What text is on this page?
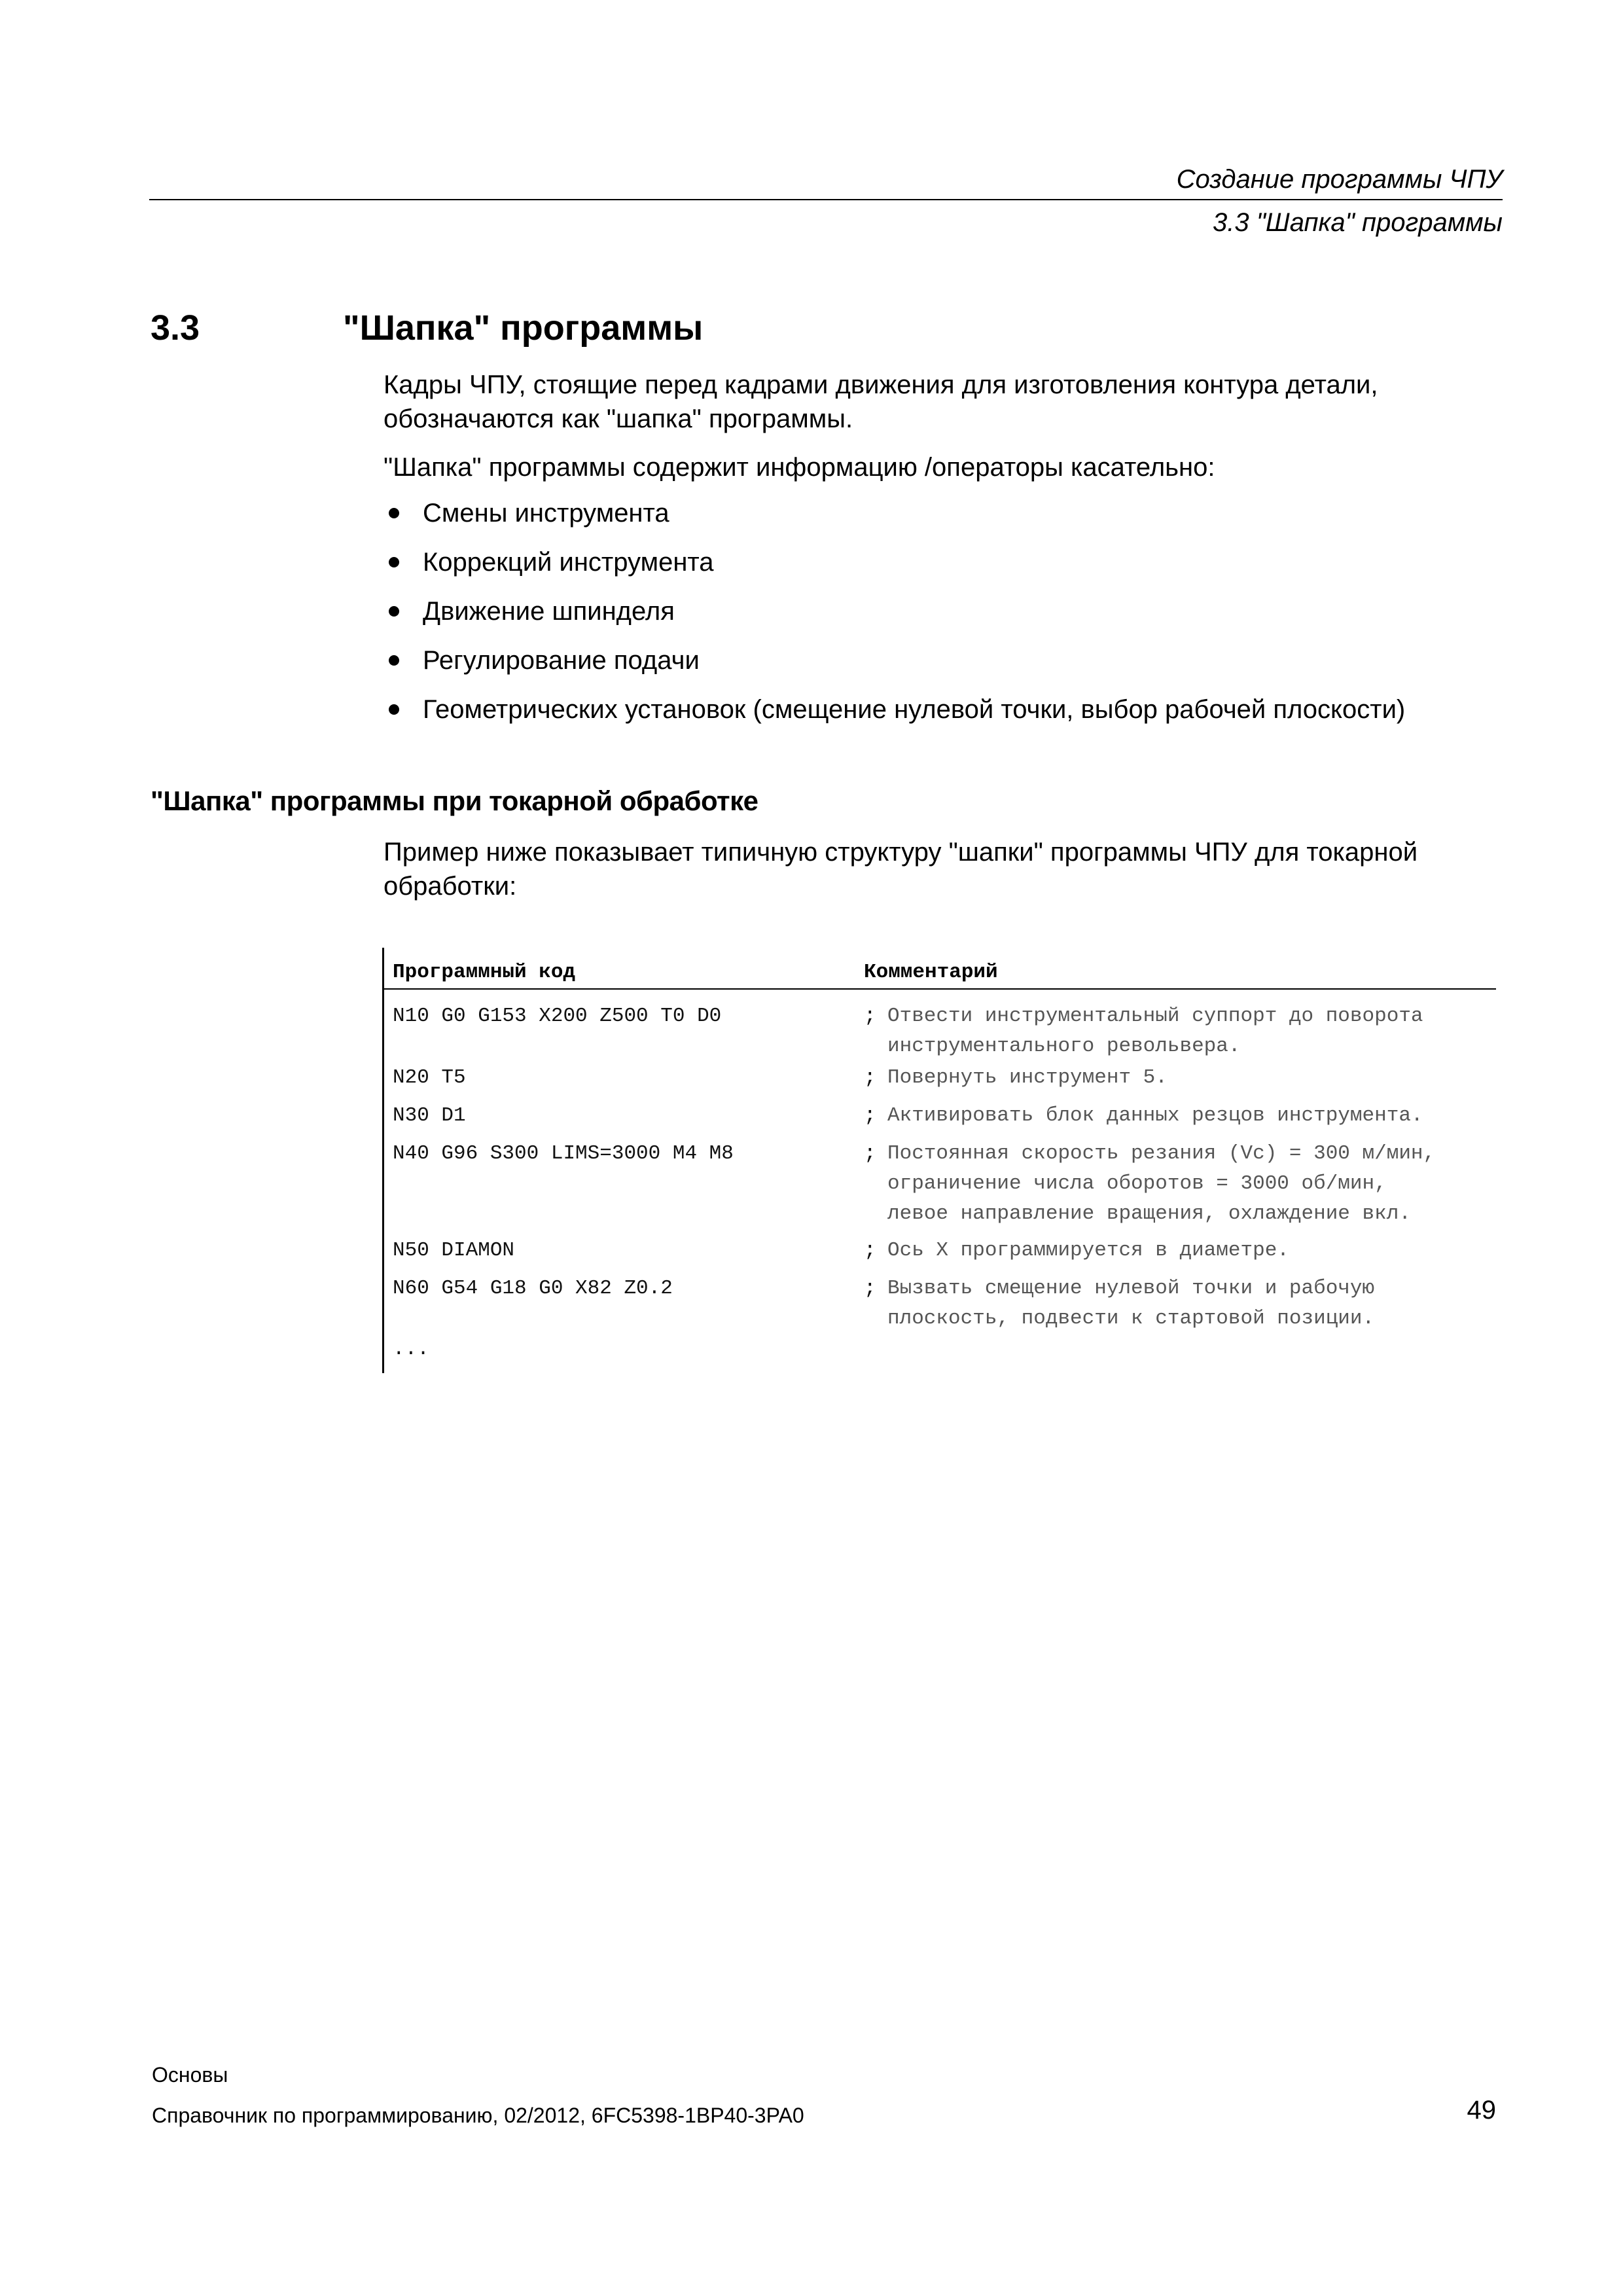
Создание программы ЧПУ
3.3 "Шапка" программы
3.3	"Шапка" программы
Кадры ЧПУ, стоящие перед кадрами движения для изготовления контура детали, обозначаются как "шапка" программы.
"Шапка" программы содержит информацию /операторы касательно:
Смены инструмента
Коррекций инструмента
Движение шпинделя
Регулирование подачи
Геометрических установок (смещение нулевой точки, выбор рабочей плоскости)
"Шапка" программы при токарной обработке
Пример ниже показывает типичную структуру "шапки" программы ЧПУ для токарной обработки:
Программный код	Комментарий
N10 G0 G153 X200 Z500 T0 D0	; Отвести инструментальный суппорт до поворота
инструментального револьвера.
N20 T5	; Повернуть инструмент 5.
N30 D1	; Активировать блок данных резцов инструмента.
N40 G96 S300 LIMS=3000 M4 M8	; Постоянная скорость резания (Vc) = 300 м/мин,
ограничение числа оборотов = 3000 об/мин,
левое направление вращения, охлаждение вкл.
N50 DIAMON	; Ось X программируется в диаметре.
N60 G54 G18 G0 X82 Z0.2	; Вызвать смещение нулевой точки и рабочую
плоскость, подвести к стартовой позиции.
...
Основы
Справочник по программированию, 02/2012, 6FC5398-1BP40-3PA0	49
